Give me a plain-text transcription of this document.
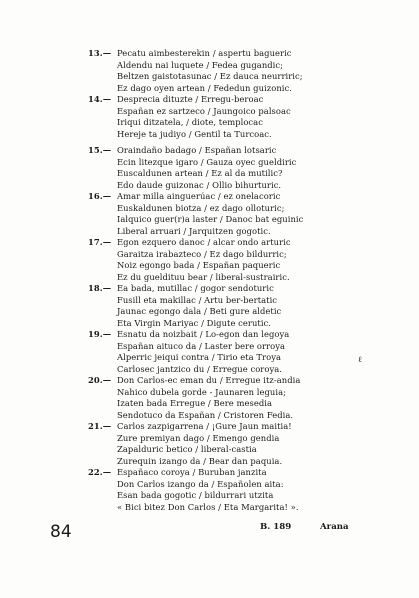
13.— Pecatu aimbesterekin / aspertu bagueric
Aldendu nai luquete / Fedea gugandic;
Beltzen gaistotasunac / Ez dauca neurriric;
Ez dago oyen artean / Fededun guizonic.
14.— Desprecia dituzte / Erregu-beroac
Españan ez sartzeco / Jaungoico palsoac
Iriqui ditzatela, / diote, templocac
Hereje ta judiyo / Gentil ta Turcoac.
15.— Oraindaño badago / Españan lotsaric
Ecin litezque igaro / Gauza oyec gueldiric
Euscaldunen artean / Ez al da mutilic?
Edo daude guizonac / Ollio bihurturic.
16.— Amar milla ainguerúac / ez onelacoric
Euskaldunen biotza / ez dago olloturic;
Ialquico guer(r)a laster / Danoc bat eguinic
Liberal arruari / Jarquitzen gogotic.
17.— Egon ezquero danoc / alcar ondo arturic
Garaitza irabazteco / Ez dago bildurric;
Noiz egongo bada / Españan paqueric
Ez du gueldituu bear / liberal-sustrairic.
18.— Ea bada, mutillac / gogor sendoturic
Fusill eta makillac / Artu ber-bertatic
Jaunac egongo dala / Beti gure aldetic
Eta Virgin Mariyac / Digute cerutic.
19.— Esnatu da noizbait / Lo-egon dan legoya
Españan aituco da / Laster bere orroya
Alperric jeiqui contra / Tirio eta Troya
Carlosec jantzico du / Erregue coroya.
20.— Don Carlos-ec eman du / Erregue itz-andia
Nahico dubela gorde - Jaunaren leguia;
Izaten bada Erregue / Bere mesedia
Sendotuco da Españan / Cristoren Fedia.
21.— Carlos zazpigarrena / ¡Gure Jaun maitia!
Zure premiyan dago / Emengo gendia
Zapalduric betico / liberal-castia
Zurequin izango da / Bear dan paquia.
22.— Españaco coroya / Buruban janzita
Don Carlos izango da / Españolen aita:
Esan bada gogotic / bildurrari utzita
« Bici bitez Don Carlos / Eta Margarita! ».
ℓ
B. 189	Arana
84
